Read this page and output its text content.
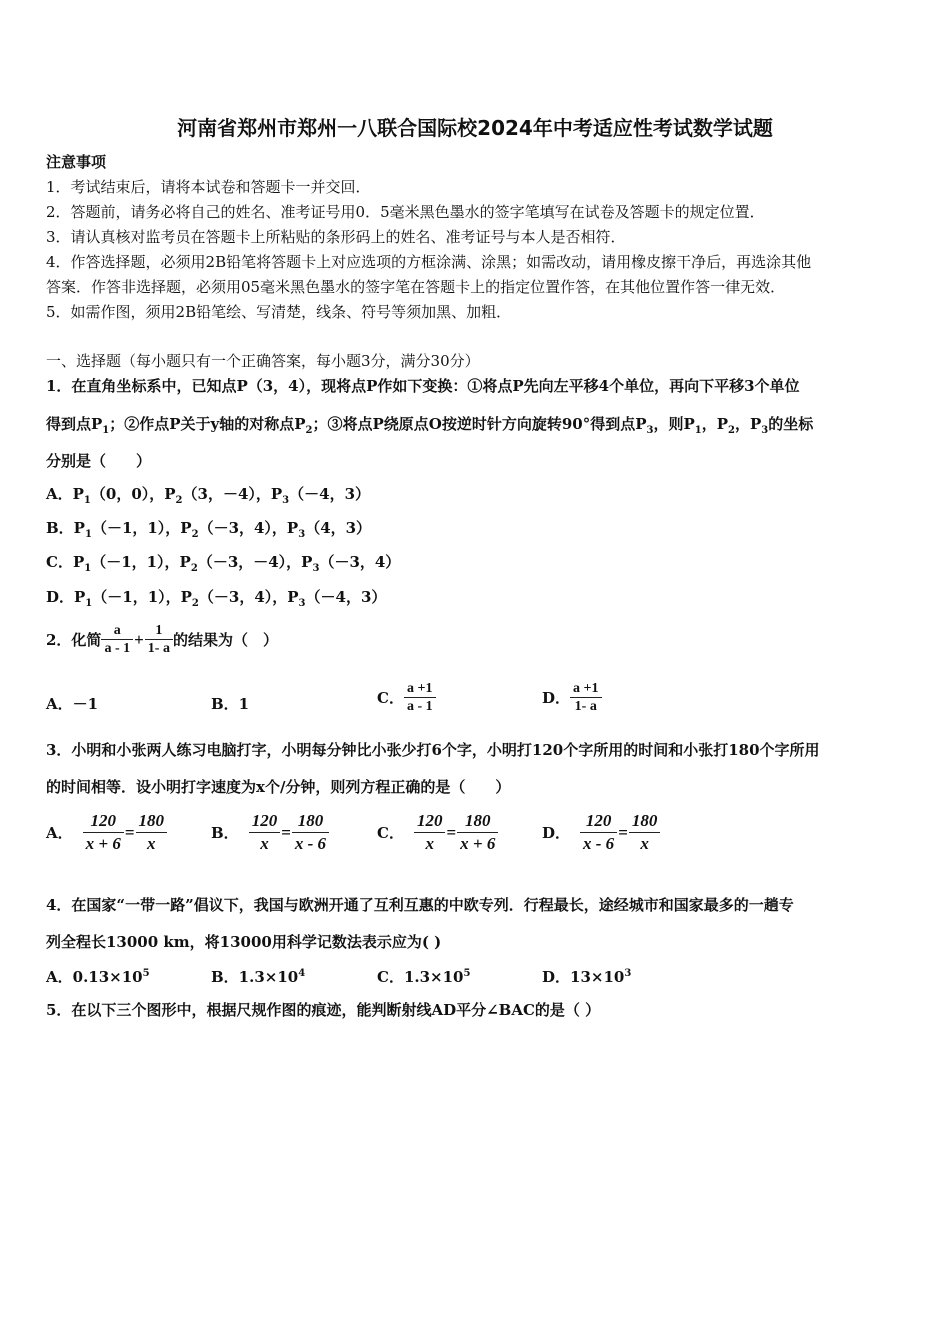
河南省郑州市郑州一八联合国际校2024年中考适应性考试数学试题
注意事项
1．考试结束后，请将本试卷和答题卡一并交回．
2．答题前，请务必将自己的姓名、准考证号用0．5毫米黑色墨水的签字笔填写在试卷及答题卡的规定位置．
3．请认真核对监考员在答题卡上所粘贴的条形码上的姓名、准考证号与本人是否相符．
4．作答选择题，必须用2B铅笔将答题卡上对应选项的方框涂满、涂黑；如需改动，请用橡皮擦干净后，再选涂其他
答案．作答非选择题，必须用05毫米黑色墨水的签字笔在答题卡上的指定位置作答，在其他位置作答一律无效．
5．如需作图，须用2B铅笔绘、写清楚，线条、符号等须加黑、加粗．
一、选择题（每小题只有一个正确答案，每小题3分，满分30分）
1．在直角坐标系中，已知点P（3，4），现将点P作如下变换：①将点P先向左平移4个单位，再向下平移3个单位
得到点$P_1$；②作点P关于y轴的对称点$P_2$；③将点P绕原点O按逆时针方向旋转90°得到点$P_3$，则$P_1$，$P_2$，$P_3$的坐标
分别是（　　）
A．$P_1(0$，0），$P_2(3$，－4），$P_3(-4$，3）
B．$P_1(-1$，1），$P_2(-3$，4），$P_3(4$，3）
C．$P_1(-1$，1），$P_2(-3$，－4），$P_3(-3$，4）
D．$P_1(-1$，1），$P_2(-3$，4），$P_3(-4$，3）
2．化简 $\frac{a}{a - 1} + \frac{1}{1- a}$ 的结果为（　）
A．－1	B．1	C． $\frac{a +1}{a - 1}$	D． $\frac{a +1}{1- a}$
3．小明和小张两人练习电脑打字，小明每分钟比小张少打6个字，小明打120个字所用的时间和小张打180个字所用
的时间相等．设小明打字速度为x个/分钟，则列方程正确的是（　　）
A． $\frac{120}{x + 6} = \frac{180}{x}$	B． $\frac{120}{x} = \frac{180}{x - 6}$	C． $\frac{120}{x} = \frac{180}{x + 6}$	D． $\frac{120}{x - 6} = \frac{180}{x}$
4．在国家“一带一路”倡议下，我国与欧洲开通了互利互惠的中欧专列．行程最长，途经城市和国家最多的一趟专
列全程长13000 km，将13000用科学记数法表示应为( )
A．$0.13\times 10^5$	B．$1.3\times 10^4$	C．$1.3\times 10^5$	D．$13\times 10^3$
5．在以下三个图形中，根据尺规作图的痕迹，能判断射线AD平分∠BAC的是（ ）
